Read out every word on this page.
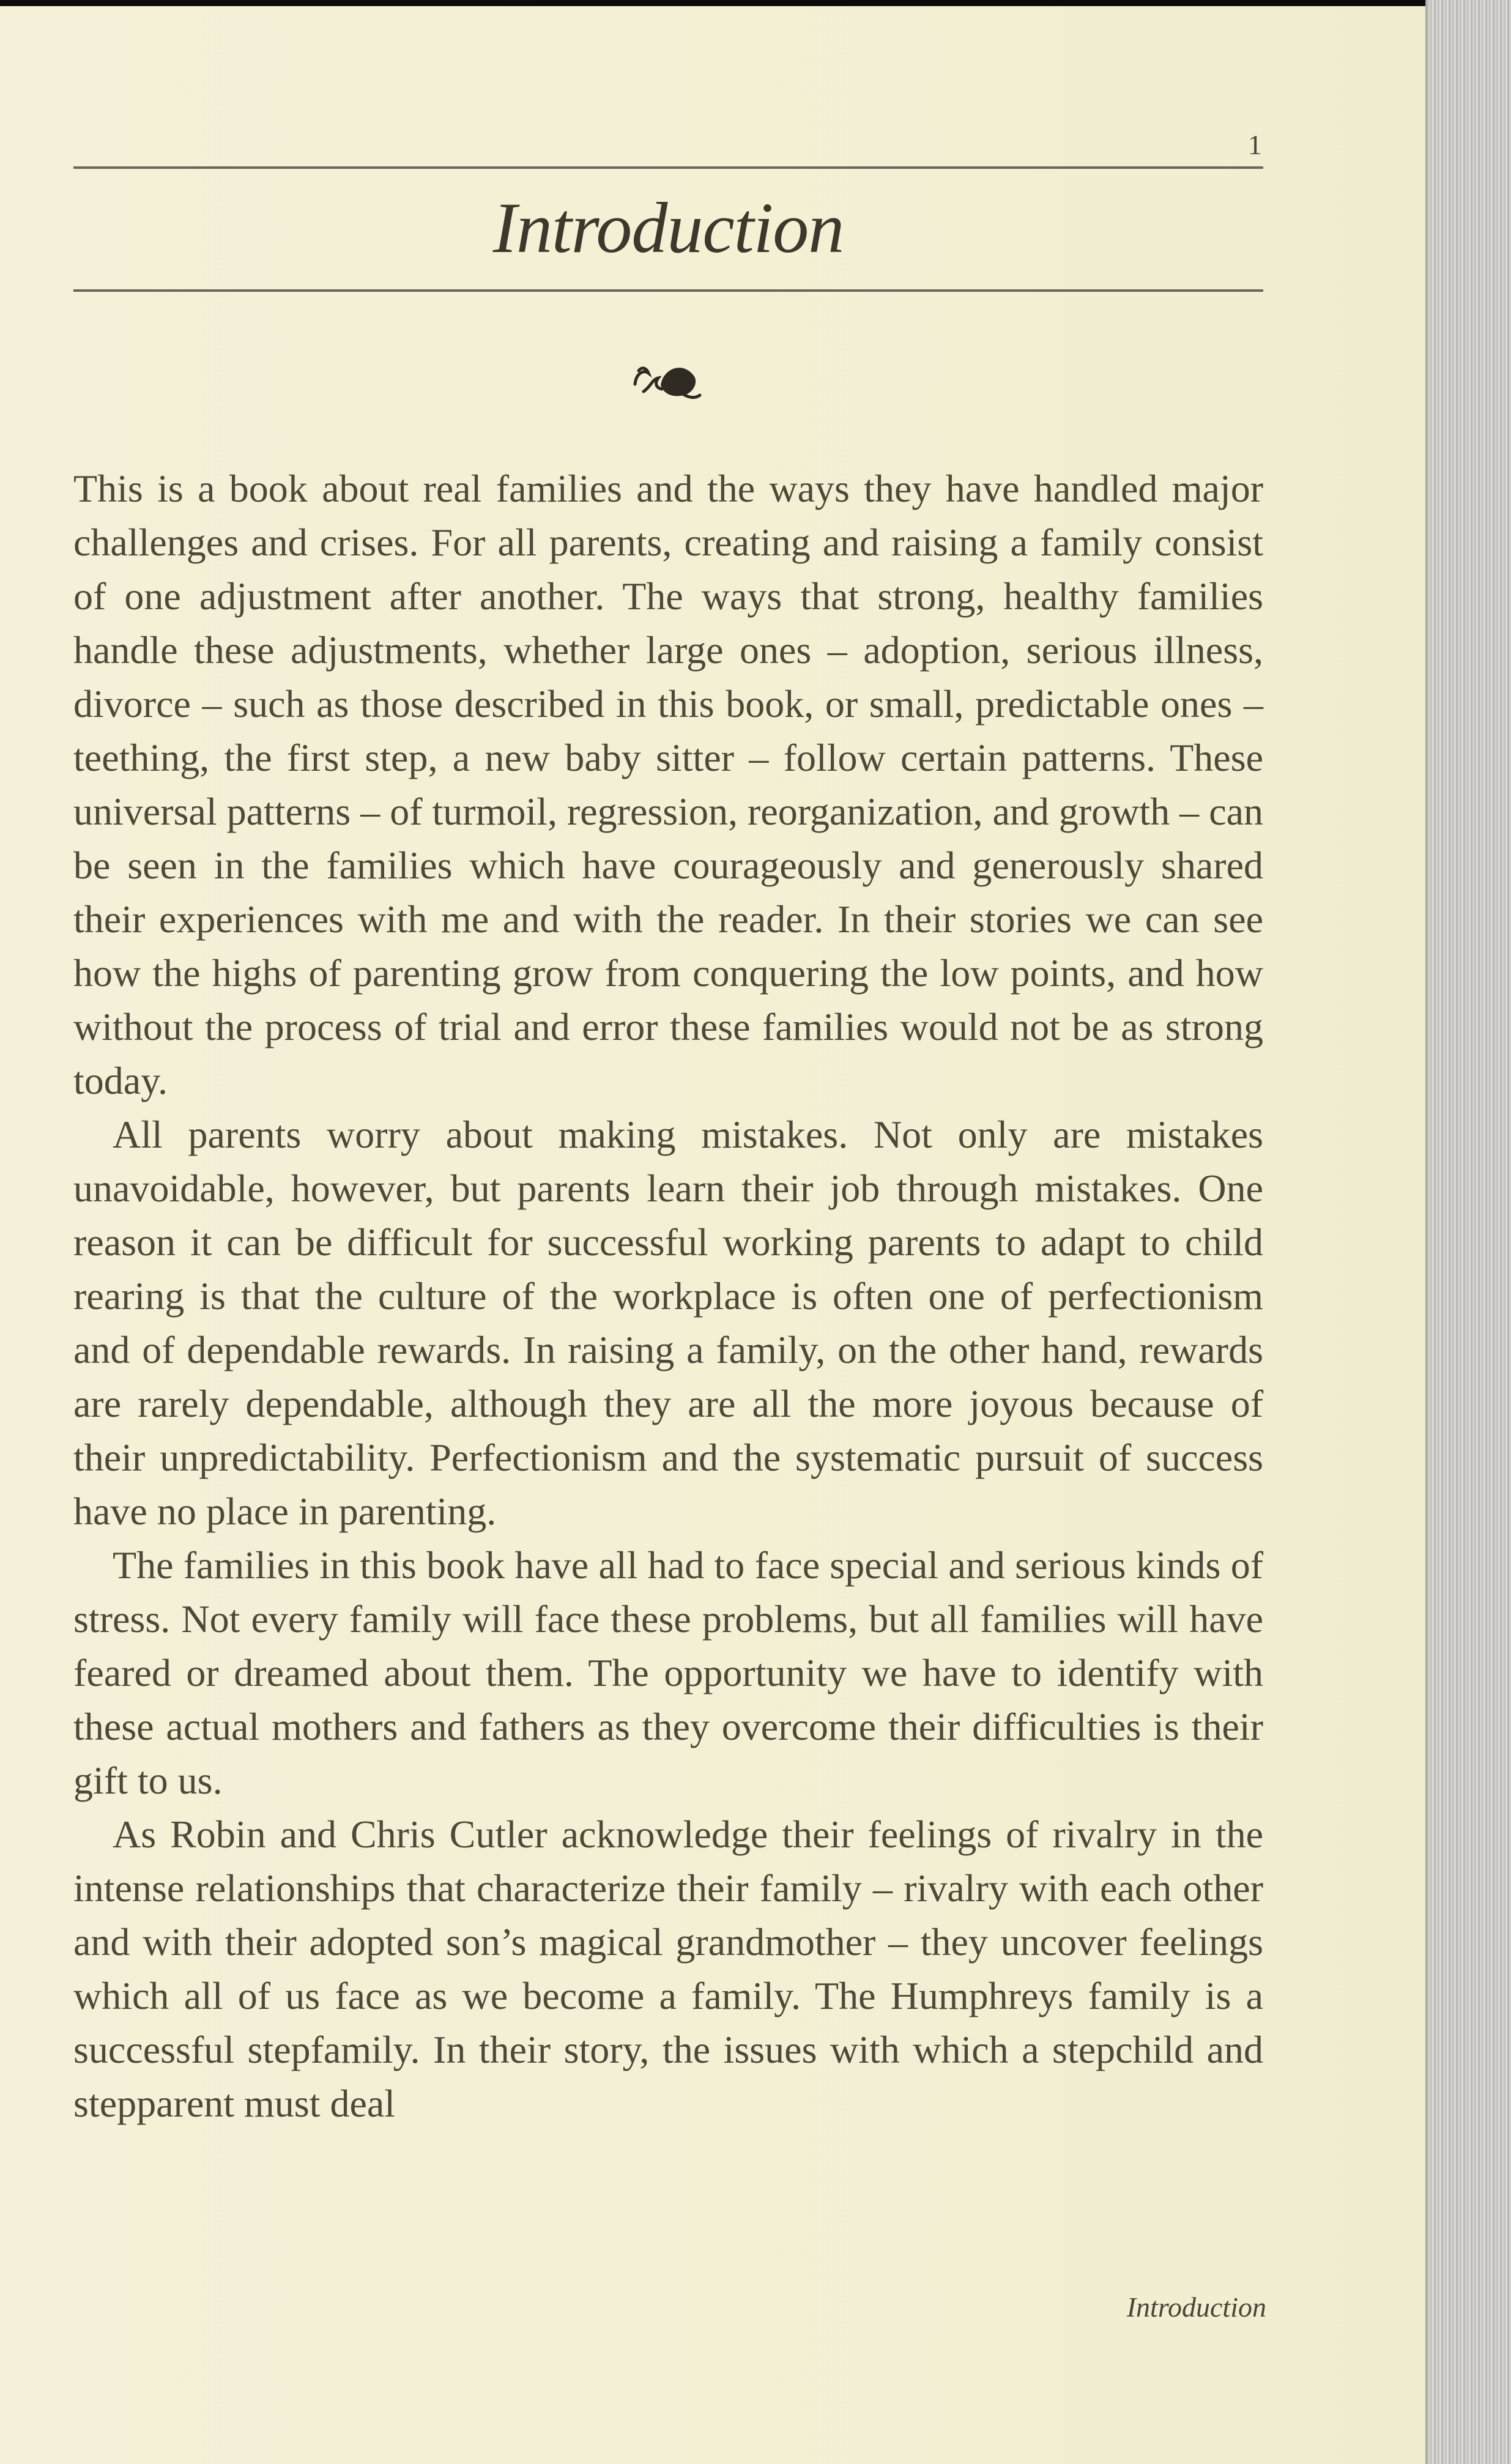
1
Introduction

This is a book about real families and the ways they have handled major challenges and crises. For all parents, creating and raising a family consist of one adjustment after another. The ways that strong, healthy families handle these adjustments, whether large ones – adoption, serious illness, divorce – such as those described in this book, or small, predictable ones – teething, the first step, a new baby sitter – follow certain patterns. These universal patterns – of turmoil, regression, reorganization, and growth – can be seen in the families which have courageously and generously shared their experiences with me and with the reader. In their stories we can see how the highs of parenting grow from conquering the low points, and how without the process of trial and error these families would not be as strong today.

All parents worry about making mistakes. Not only are mistakes unavoidable, however, but parents learn their job through mistakes. One reason it can be difficult for successful working parents to adapt to child rearing is that the culture of the workplace is often one of perfectionism and of dependable rewards. In raising a family, on the other hand, rewards are rarely dependable, although they are all the more joyous because of their unpredictability. Perfectionism and the systematic pursuit of success have no place in parenting.

The families in this book have all had to face special and serious kinds of stress. Not every family will face these problems, but all families will have feared or dreamed about them. The opportunity we have to identify with these actual mothers and fathers as they overcome their difficulties is their gift to us.

As Robin and Chris Cutler acknowledge their feelings of rivalry in the intense relationships that characterize their family – rivalry with each other and with their adopted son’s magical grandmother – they uncover feelings which all of us face as we become a family. The Humphreys family is a successful stepfamily. In their story, the issues with which a stepchild and stepparent must deal

Introduction
